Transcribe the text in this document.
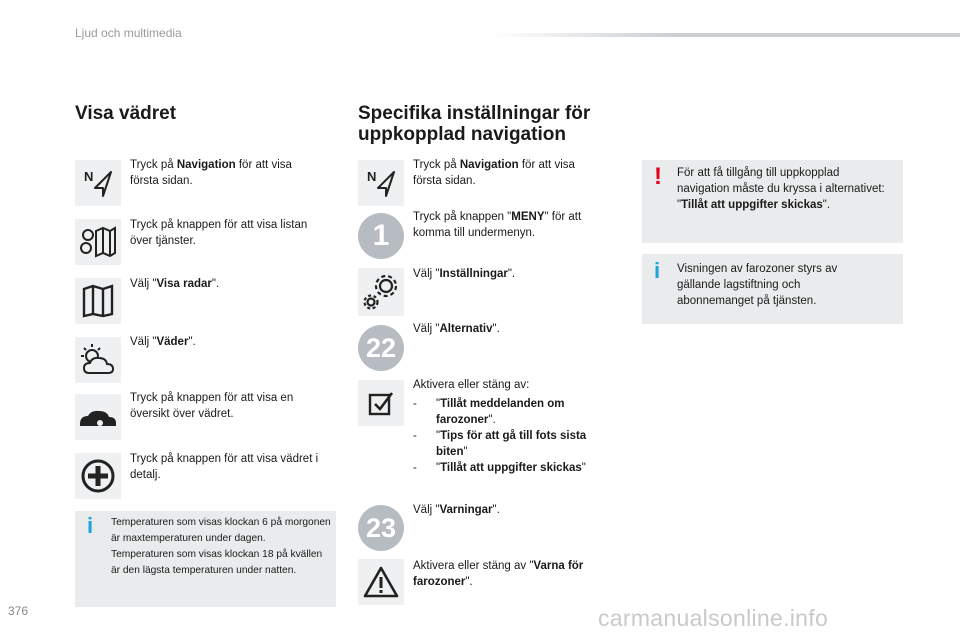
Ljud och multimedia
Visa vädret
N
Tryck på Navigation för att visa första sidan.
Tryck på knappen för att visa listan över tjänster.
Välj "Visa radar".
Välj "Väder".
Tryck på knappen för att visa en översikt över vädret.
Tryck på knappen för att visa vädret i detalj.
i Temperaturen som visas klockan 6 på morgonen är maxtemperaturen under dagen. Temperaturen som visas klockan 18 på kvällen är den lägsta temperaturen under natten.
Specifika inställningar för
uppkopplad navigation
N
Tryck på Navigation för att visa första sidan.
1
Tryck på knappen "MENY" för att komma till undermenyn.
Välj "Inställningar".
22
Välj "Alternativ".
Aktivera eller stäng av:
- "Tillåt meddelanden om farozoner".
- "Tips för att gå till fots sista biten"
- "Tillåt att uppgifter skickas"
23
Välj "Varningar".
Aktivera eller stäng av "Varna för farozoner".
! För att få tillgång till uppkopplad navigation måste du kryssa i alternativet: "Tillåt att uppgifter skickas".
i Visningen av farozoner styrs av gällande lagstiftning och abonnemanget på tjänsten.
376	carmanualsonline.info
